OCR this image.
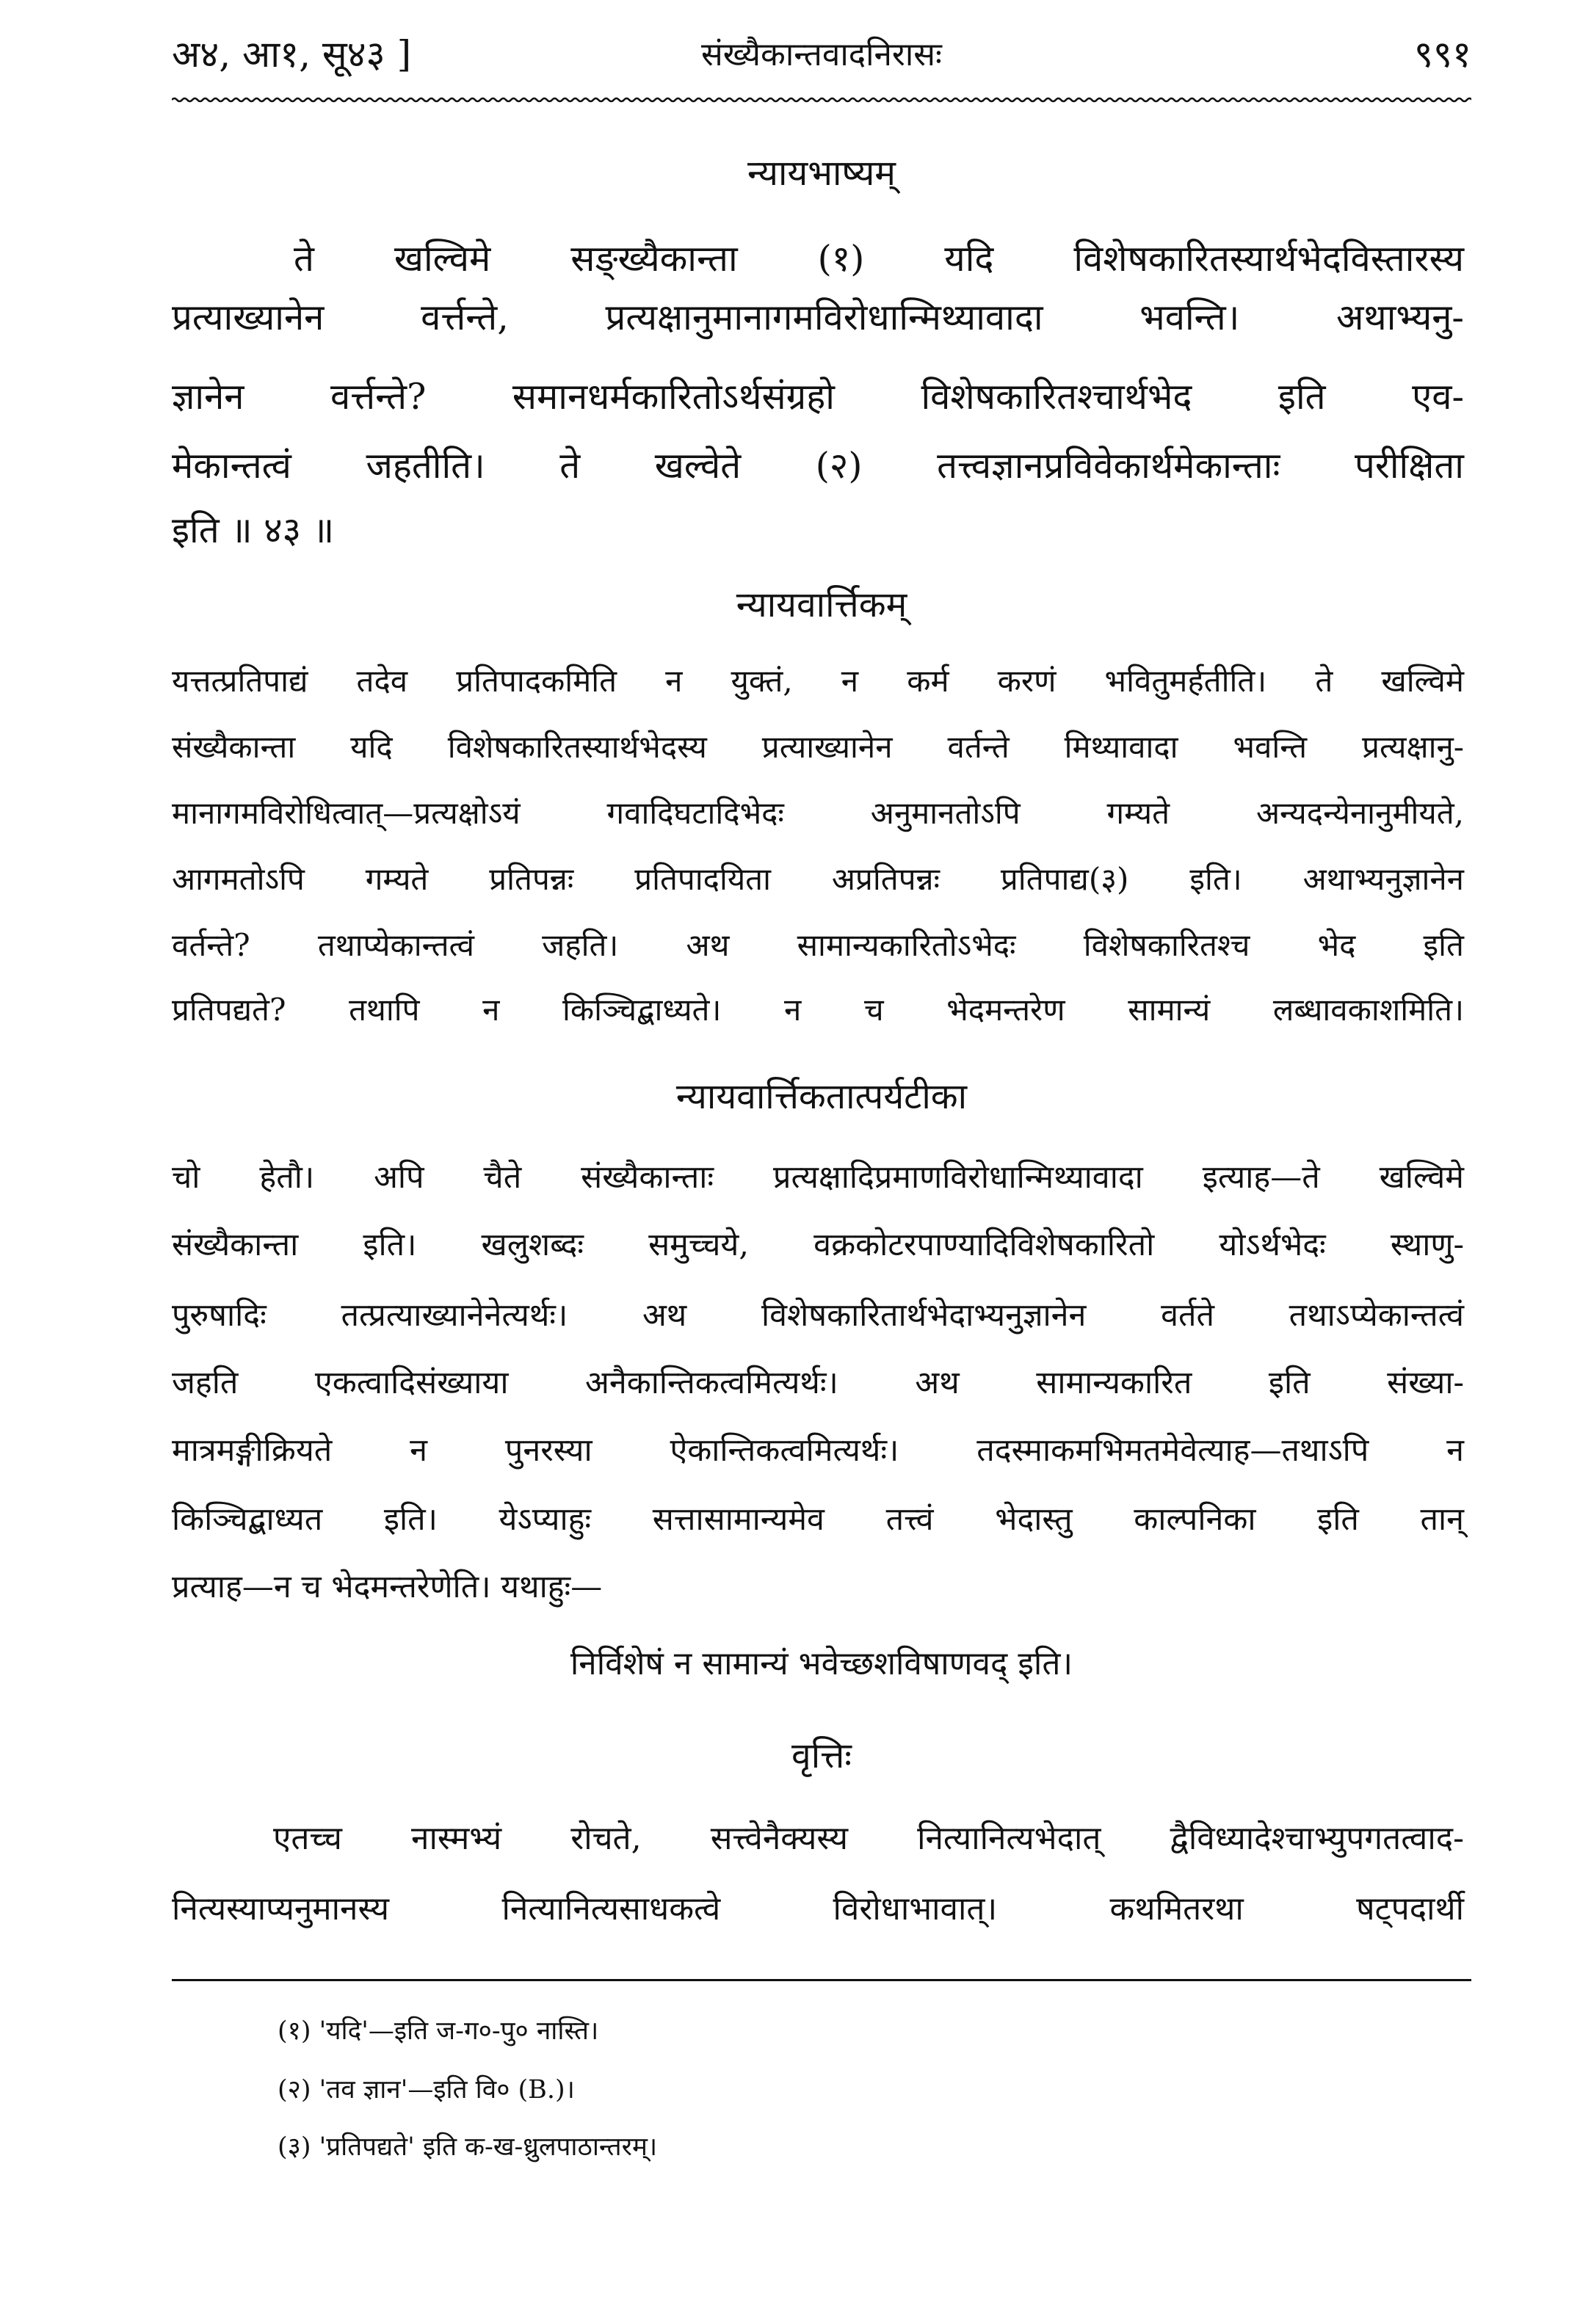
अ४, आ१, सू४३ ]	संख्यैकान्तवादनिरासः	९९१
न्यायभाष्यम्
ते खल्विमे सङ्ख्यैकान्ता (१) यदि विशेषकारितस्यार्थभेदविस्तारस्य
प्रत्याख्यानेन वर्त्तन्ते, प्रत्यक्षानुमानागमविरोधान्मिथ्यावादा भवन्ति। अथाभ्यनु-
ज्ञानेन वर्त्तन्ते? समानधर्मकारितोऽर्थसंग्रहो विशेषकारितश्चार्थभेद इति एव-
मेकान्तत्वं जहतीति। ते खल्वेते (२) तत्त्वज्ञानप्रविवेकार्थमेकान्ताः परीक्षिता
इति ॥ ४३ ॥
न्यायवार्त्तिकम्
यत्तत्प्रतिपाद्यं तदेव प्रतिपादकमिति न युक्तं, न कर्म करणं भवितुमर्हतीति। ते खल्विमे
संख्यैकान्ता यदि विशेषकारितस्यार्थभेदस्य प्रत्याख्यानेन वर्तन्ते मिथ्यावादा भवन्ति प्रत्यक्षानु-
मानागमविरोधित्वात्—प्रत्यक्षोऽयं गवादिघटादिभेदः अनुमानतोऽपि गम्यते अन्यदन्येनानुमीयते,
आगमतोऽपि गम्यते प्रतिपन्नः प्रतिपादयिता अप्रतिपन्नः प्रतिपाद्य(३) इति। अथाभ्यनुज्ञानेन
वर्तन्ते? तथाप्येकान्तत्वं जहति। अथ सामान्यकारितोऽभेदः विशेषकारितश्च भेद इति
प्रतिपद्यते? तथापि न किञ्चिद्बाध्यते। न च भेदमन्तरेण सामान्यं लब्धावकाशमिति।
न्यायवार्त्तिकतात्पर्यटीका
चो हेतौ। अपि चैते संख्यैकान्ताः प्रत्यक्षादिप्रमाणविरोधान्मिथ्यावादा इत्याह—ते खल्विमे
संख्यैकान्ता इति। खलुशब्दः समुच्चये, वक्रकोटरपाण्यादिविशेषकारितो योऽर्थभेदः स्थाणु-
पुरुषादिः तत्प्रत्याख्यानेनेत्यर्थः। अथ विशेषकारितार्थभेदाभ्यनुज्ञानेन वर्तते तथाऽप्येकान्तत्वं
जहति एकत्वादिसंख्याया अनैकान्तिकत्वमित्यर्थः। अथ सामान्यकारित इति संख्या-
मात्रमङ्गीक्रियते न पुनरस्या ऐकान्तिकत्वमित्यर्थः। तदस्माकमभिमतमेवेत्याह—तथाऽपि न
किञ्चिद्बाध्यत इति। येऽप्याहुः सत्तासामान्यमेव तत्त्वं भेदास्तु काल्पनिका इति तान्
प्रत्याह—न च भेदमन्तरेणेति। यथाहुः—
निर्विशेषं न सामान्यं भवेच्छशविषाणवद् इति।
वृत्तिः
एतच्च नास्मभ्यं रोचते, सत्त्वेनैक्यस्य नित्यानित्यभेदात् द्वैविध्यादेश्चाभ्युपगतत्वाद-
नित्यस्याप्यनुमानस्य नित्यानित्यसाधकत्वे विरोधाभावात्। कथमितरथा षट्पदार्थी
(१) 'यदि'—इति ज-ग०-पु० नास्ति।
(२) 'तव ज्ञान'—इति वि० (B.)।
(३) 'प्रतिपद्यते' इति क-ख-ध्रुलपाठान्तरम्।
